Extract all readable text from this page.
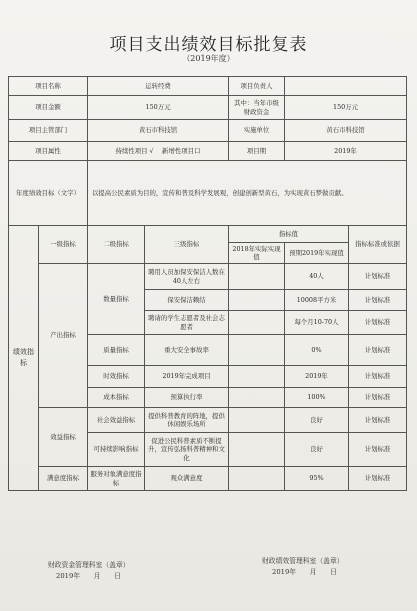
项目支出绩效目标批复表
（2019年度）
项目名称		运转经费		项目负责人		
项目金额		150万元		其中：当年市级财政资金	150万元	
项目主管部门		黄石市科技馆		实施单位	黄石市科技馆	
项目属性		持续性项目 √　 新增性项目口		项目期	2019年	
年度绩效目标（文字）		以提高公民素质为目的，宣传和普及科学发展观，创建创新型黄石，为实现黄石梦做贡献。				
绩效指标	一级指标	二级指标	三级指标	指标值		指标标准或依据
				2018年实际实现值	预期2019年实现值	
	产出指标	数量指标	聘用人员加保安保洁人数在40人左右		40人	计划标准
			保安保洁赖结		10008平方米	计划标准
			聘请的学生志愿者及社会志愿者		每个月10-70人	计划标准
		质量指标	重大安全事故率		0%	计划标准
		时效指标	2019年完成项目		2019年	计划标准
		成本指标	预算执行率		100%	计划标准
	效益指标	社会效益指标	提供科普教育的阵地，提供休闲娱乐场所		良好	计划标准
		可持续影响指标	促进公民科普素质不断提升，宣传弘扬科普精神和文化		良好	计划标准
	满意度指标	服务对象满意度指标	观众满意度		95%	计划标准
财政资金管理科室（盖章）
2019年　　月　　日
财政绩效管理科室（盖章）
2019年　　月　　日
